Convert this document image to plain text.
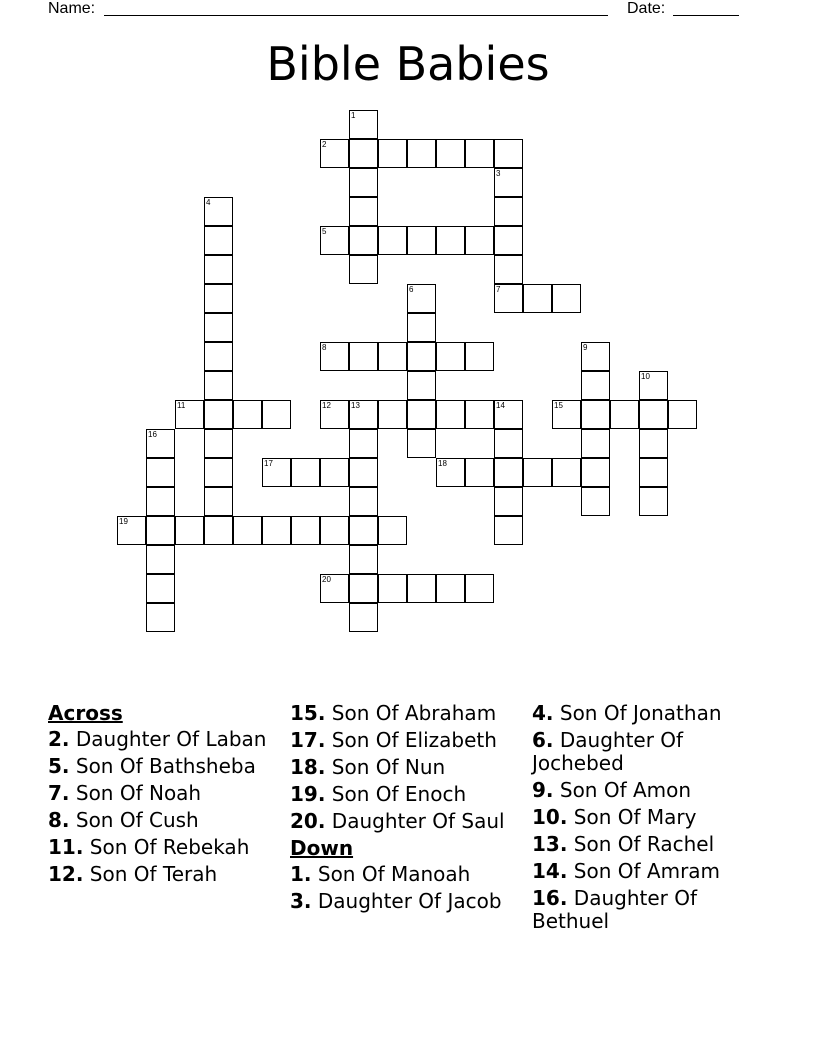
Name:	Date:
Bible Babies
1
2
3
7
4
5
6
8	9
10
11	12	13	14	15
16
17	18
19
20
Across
2. Daughter Of Laban
5. Son Of Bathsheba
7. Son Of Noah
8. Son Of Cush
11. Son Of Rebekah
12. Son Of Terah
15. Son Of Abraham
17. Son Of Elizabeth
18. Son Of Nun
19. Son Of Enoch
20. Daughter Of Saul
Down
1. Son Of Manoah
3. Daughter Of Jacob
4. Son Of Jonathan
6. Daughter Of Jochebed
9. Son Of Amon
10. Son Of Mary
13. Son Of Rachel
14. Son Of Amram
16. Daughter Of Bethuel
